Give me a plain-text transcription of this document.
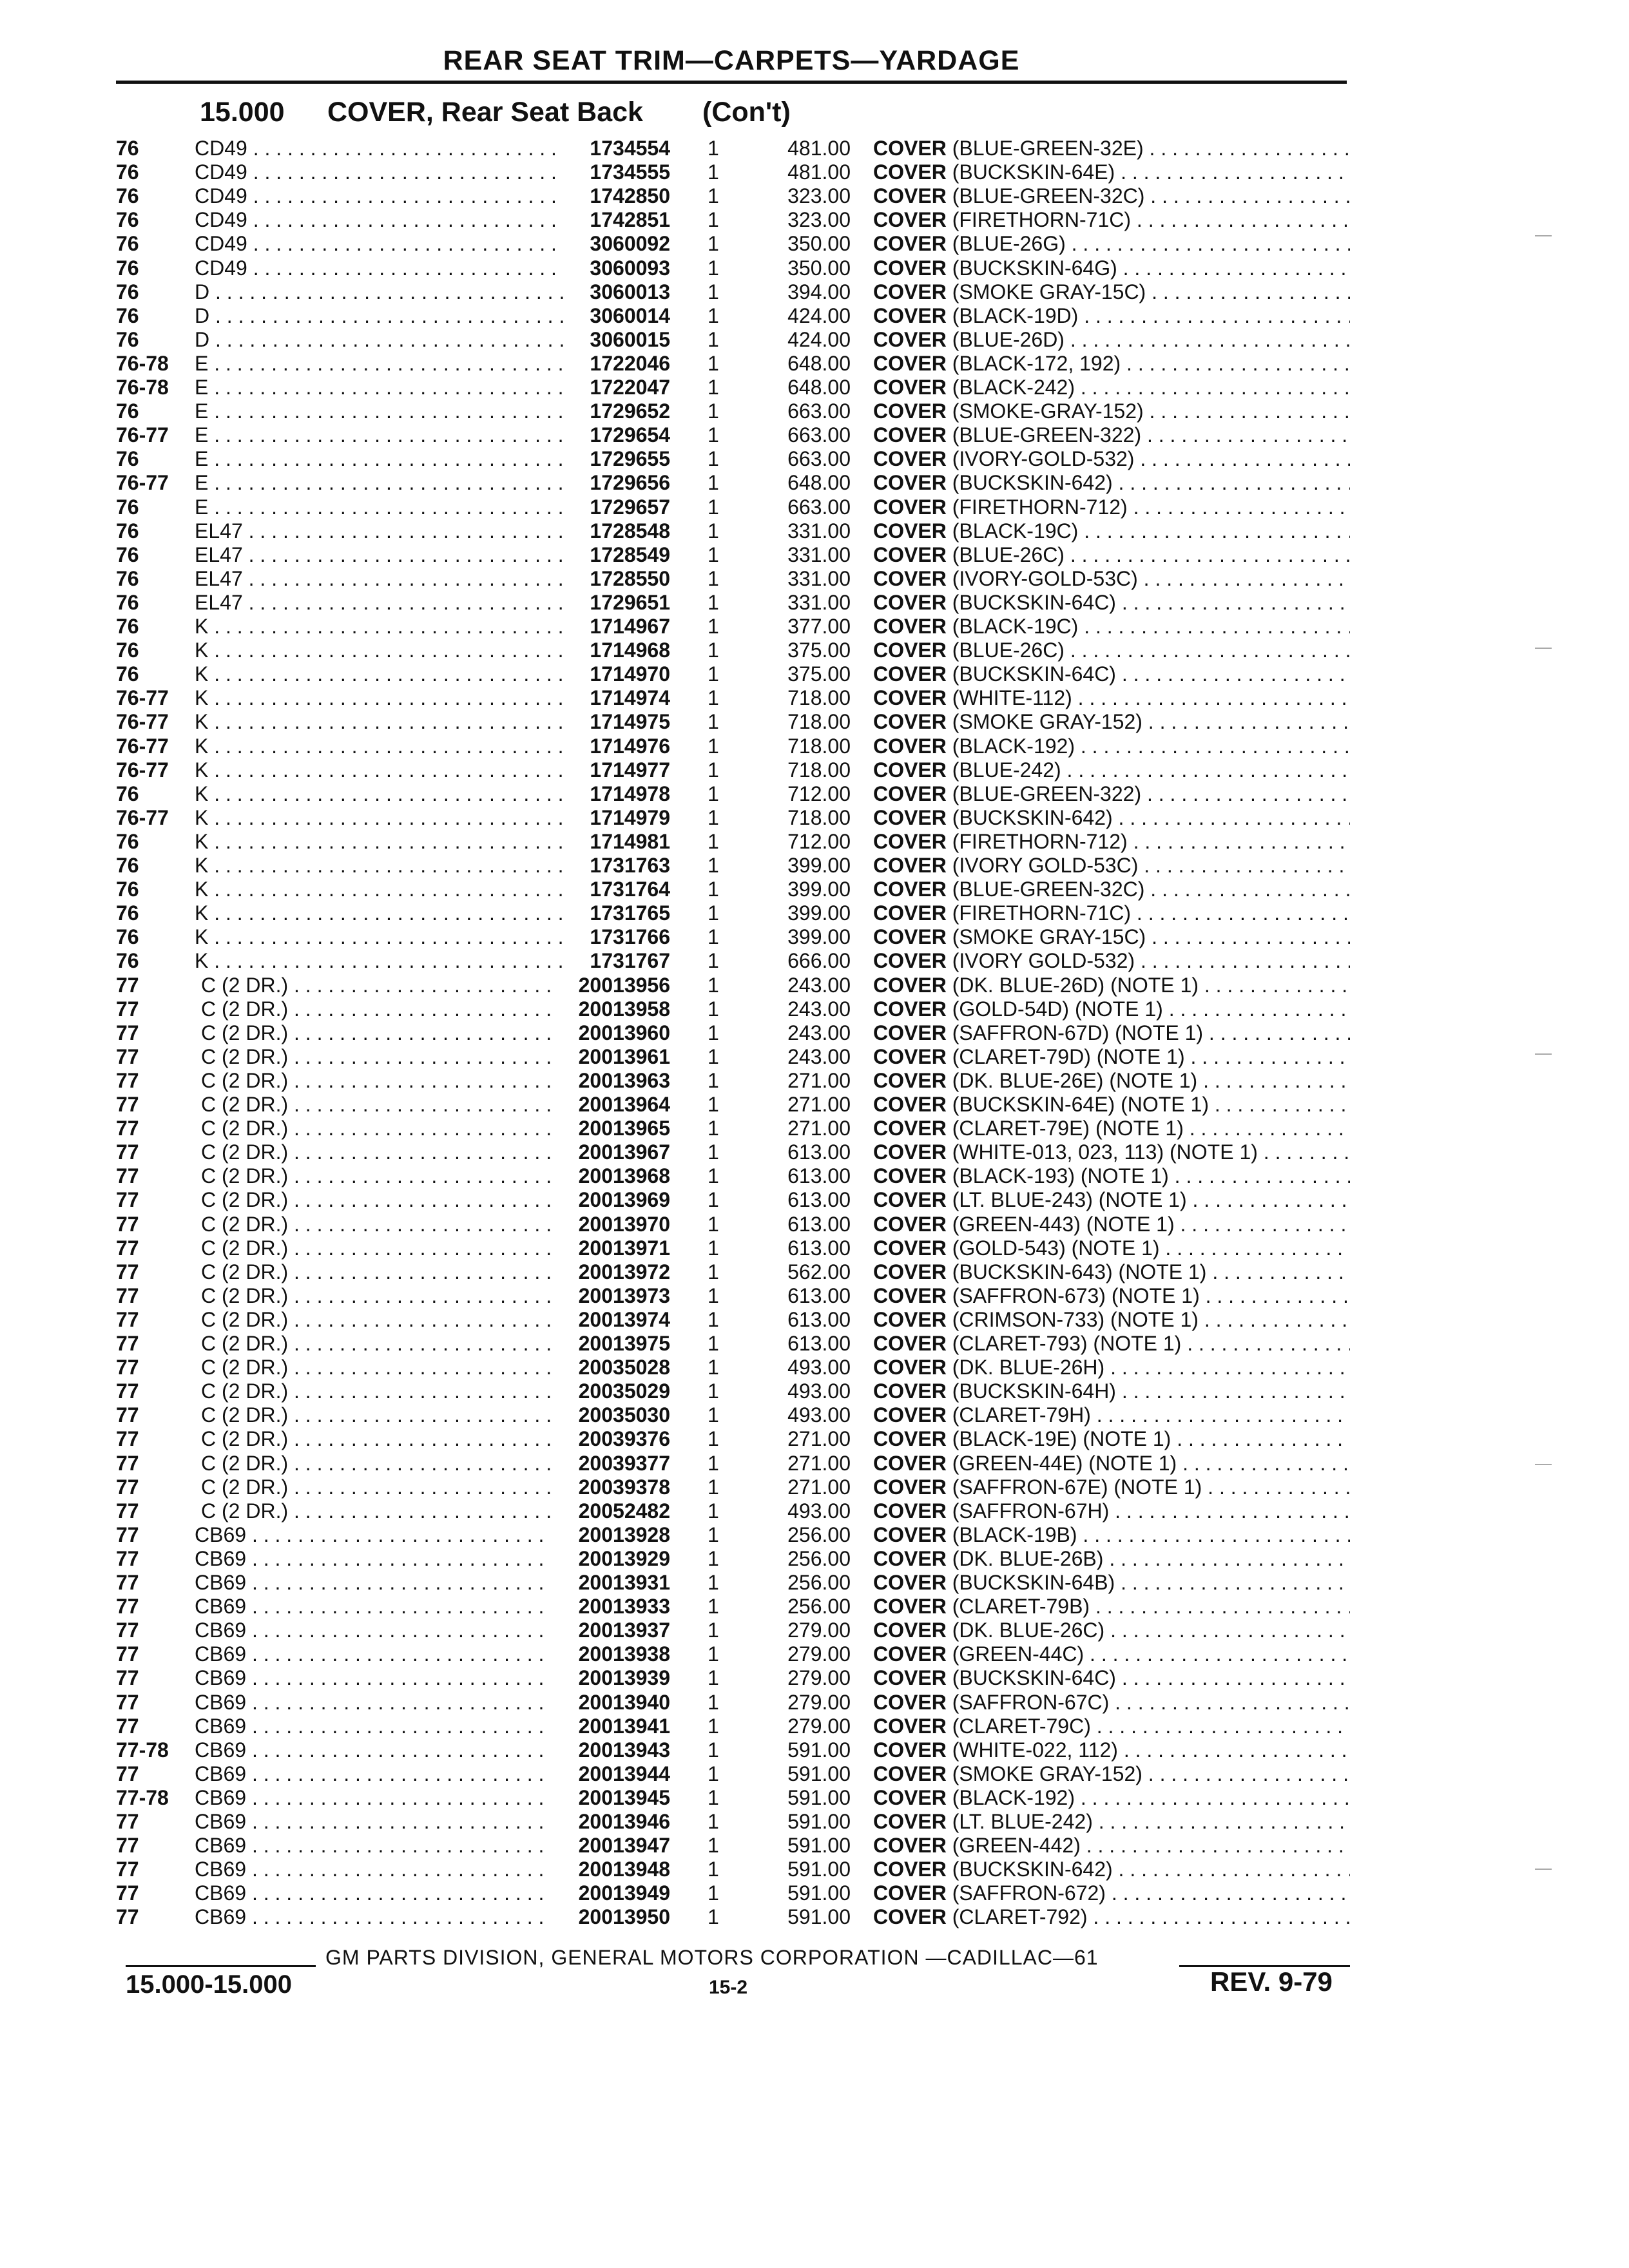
REAR SEAT TRIM—CARPETS—YARDAGE
15.000 COVER, Rear Seat Back (Con't)
76	CD49 . . .	1734554 1	481.00 COVER (BLUE-GREEN-32E) . . .
76	CD49 . . .	1734555 1	481.00 COVER (BUCKSKIN-64E) . . .
76	CD49 . . .	1742850 1	323.00 COVER (BLUE-GREEN-32C) . . .
76	CD49 . . .	1742851 1	323.00 COVER (FIRETHORN-71C) . . .
76	CD49 . . .	3060092 1	350.00 COVER (BLUE-26G) . . .
76	CD49 . . .	3060093 1	350.00 COVER (BUCKSKIN-64G) . . .
76	D . . .	3060013 1	394.00 COVER (SMOKE GRAY-15C) . . .
76	D . . .	3060014 1	424.00 COVER (BLACK-19D) . . .
76	D . . .	3060015 1	424.00 COVER (BLUE-26D) . . .
76-78 E . . .	1722046 1	648.00 COVER (BLACK-172, 192) . . .
76-78 E . . .	1722047 1	648.00 COVER (BLACK-242) . . .
76	E . . .	1729652 1	663.00 COVER (SMOKE-GRAY-152) . . .
76-77 E . . .	1729654 1	663.00 COVER (BLUE-GREEN-322) . . .
76	E . . .	1729655 1	663.00 COVER (IVORY-GOLD-532) . . .
76-77 E . . .	1729656 1	648.00 COVER (BUCKSKIN-642) . . .
76	E . . .	1729657 1	663.00 COVER (FIRETHORN-712) . . .
76	EL47 . . .	1728548 1	331.00 COVER (BLACK-19C) . . .
76	EL47 . . .	1728549 1	331.00 COVER (BLUE-26C) . . .
76	EL47 . . .	1728550 1	331.00 COVER (IVORY-GOLD-53C) . . .
76	EL47 . . .	1729651 1	331.00 COVER (BUCKSKIN-64C) . . .
76	K . . .	1714967 1	377.00 COVER (BLACK-19C) . . .
76	K . . .	1714968 1	375.00 COVER (BLUE-26C) . . .
76	K . . .	1714970 1	375.00 COVER (BUCKSKIN-64C) . . .
76-77 K . . .	1714974 1	718.00 COVER (WHITE-112) . . .
76-77 K . . .	1714975 1	718.00 COVER (SMOKE GRAY-152) . . .
76-77 K . . .	1714976 1	718.00 COVER (BLACK-192) . . .
76-77 K . . .	1714977 1	718.00 COVER (BLUE-242) . . .
76	K . . .	1714978 1	712.00 COVER (BLUE-GREEN-322) . . .
76-77 K . . .	1714979 1	718.00 COVER (BUCKSKIN-642) . . .
76	K . . .	1714981 1	712.00 COVER (FIRETHORN-712) . . .
76	K . . .	1731763 1	399.00 COVER (IVORY GOLD-53C) . . .
76	K . . .	1731764 1	399.00 COVER (BLUE-GREEN-32C) . . .
76	K . . .	1731765 1	399.00 COVER (FIRETHORN-71C) . . .
76	K . . .	1731766 1	399.00 COVER (SMOKE GRAY-15C) . . .
76	K . . .	1731767 1	666.00 COVER (IVORY GOLD-532) . . .
77	C (2 DR.) . . .	20013956 1	243.00 COVER (DK. BLUE-26D) (NOTE 1) . . .
77	C (2 DR.) . . .	20013958 1	243.00 COVER (GOLD-54D) (NOTE 1) . . .
77	C (2 DR.) . . .	20013960 1	243.00 COVER (SAFFRON-67D) (NOTE 1) . . .
77	C (2 DR.) . . .	20013961 1	243.00 COVER (CLARET-79D) (NOTE 1) . . .
77	C (2 DR.) . . .	20013963 1	271.00 COVER (DK. BLUE-26E) (NOTE 1) . . .
77	C (2 DR.) . . .	20013964 1	271.00 COVER (BUCKSKIN-64E) (NOTE 1) . . .
77	C (2 DR.) . . .	20013965 1	271.00 COVER (CLARET-79E) (NOTE 1) . . .
77	C (2 DR.) . . .	20013967 1	613.00 COVER (WHITE-013, 023, 113) (NOTE 1) . . .
77	C (2 DR.) . . .	20013968 1	613.00 COVER (BLACK-193) (NOTE 1) . . .
77	C (2 DR.) . . .	20013969 1	613.00 COVER (LT. BLUE-243) (NOTE 1) . . .
77	C (2 DR.) . . .	20013970 1	613.00 COVER (GREEN-443) (NOTE 1) . . .
77	C (2 DR.) . . .	20013971 1	613.00 COVER (GOLD-543) (NOTE 1) . . .
77	C (2 DR.) . . .	20013972 1	562.00 COVER (BUCKSKIN-643) (NOTE 1) . . .
77	C (2 DR.) . . .	20013973 1	613.00 COVER (SAFFRON-673) (NOTE 1) . . .
77	C (2 DR.) . . .	20013974 1	613.00 COVER (CRIMSON-733) (NOTE 1) . . .
77	C (2 DR.) . . .	20013975 1	613.00 COVER (CLARET-793) (NOTE 1) . . .
77	C (2 DR.) . . .	20035028 1	493.00 COVER (DK. BLUE-26H) . . .
77	C (2 DR.) . . .	20035029 1	493.00 COVER (BUCKSKIN-64H) . . .
77	C (2 DR.) . . .	20035030 1	493.00 COVER (CLARET-79H) . . .
77	C (2 DR.) . . .	20039376 1	271.00 COVER (BLACK-19E) (NOTE 1) . . .
77	C (2 DR.) . . .	20039377 1	271.00 COVER (GREEN-44E) (NOTE 1) . . .
77	C (2 DR.) . . .	20039378 1	271.00 COVER (SAFFRON-67E) (NOTE 1) . . .
77	C (2 DR.) . . .	20052482 1	493.00 COVER (SAFFRON-67H) . . .
77	CB69 . . .	20013928 1	256.00 COVER (BLACK-19B) . . .
77	CB69 . . .	20013929 1	256.00 COVER (DK. BLUE-26B) . . .
77	CB69 . . .	20013931 1	256.00 COVER (BUCKSKIN-64B) . . .
77	CB69 . . .	20013933 1	256.00 COVER (CLARET-79B) . . .
77	CB69 . . .	20013937 1	279.00 COVER (DK. BLUE-26C) . . .
77	CB69 . . .	20013938 1	279.00 COVER (GREEN-44C) . . .
77	CB69 . . .	20013939 1	279.00 COVER (BUCKSKIN-64C) . . .
77	CB69 . . .	20013940 1	279.00 COVER (SAFFRON-67C) . . .
77	CB69 . . .	20013941 1	279.00 COVER (CLARET-79C) . . .
77-78 CB69 . . .	20013943 1	591.00 COVER (WHITE-022, 112) . . .
77	CB69 . . .	20013944 1	591.00 COVER (SMOKE GRAY-152) . . .
77-78 CB69 . . .	20013945 1	591.00 COVER (BLACK-192) . . .
77	CB69 . . .	20013946 1	591.00 COVER (LT. BLUE-242) . . .
77	CB69 . . .	20013947 1	591.00 COVER (GREEN-442) . . .
77	CB69 . . .	20013948 1	591.00 COVER (BUCKSKIN-642) . . .
77	CB69 . . .	20013949 1	591.00 COVER (SAFFRON-672) . . .
77	CB69 . . .	20013950 1	591.00 COVER (CLARET-792) . . .
GM PARTS DIVISION, GENERAL MOTORS CORPORATION —CADILLAC—61
15.000-15.000	15-2	REV. 9-79
